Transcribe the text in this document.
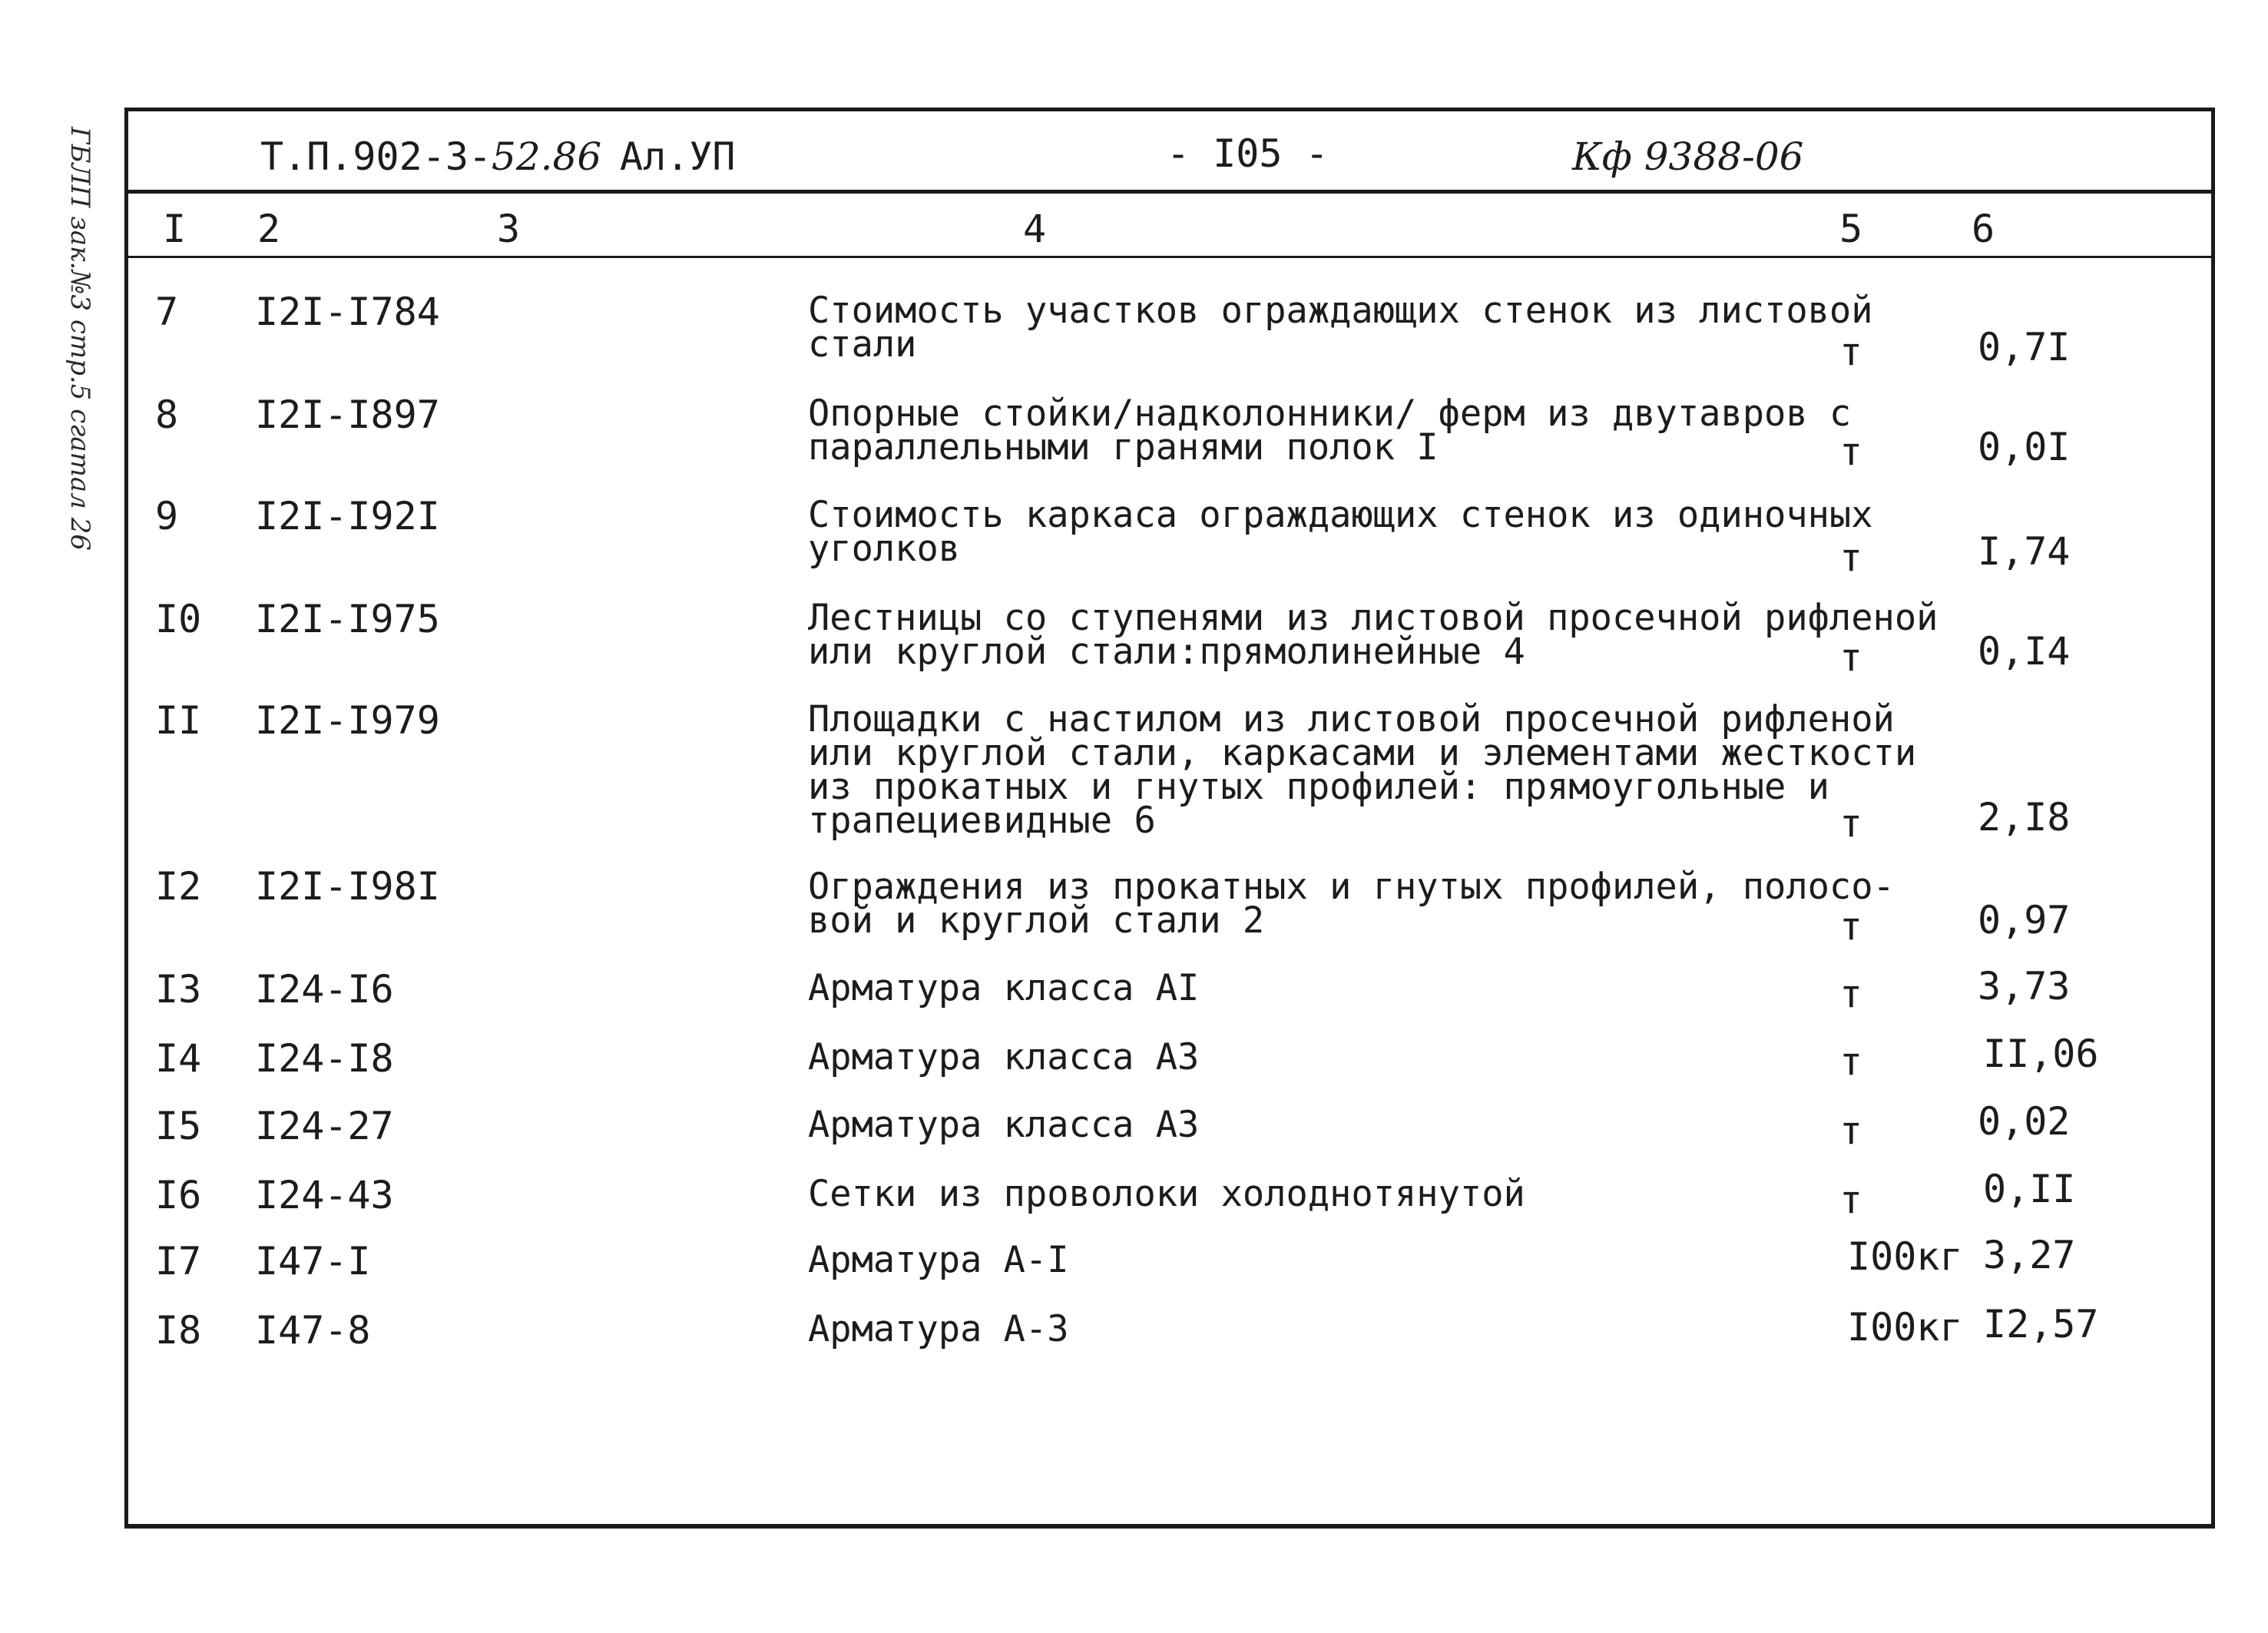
ГБЛП зак.№3 стр.5 сгатал 26	Т.П.902-3-52.86 Ал.УП	- I05 -	Кф 9388-06
I 2	3	4	5	6
7 I2I-I784	Стоимость участков ограждающих стенок из листовой
стали	т	0,7I
8 I2I-I897	Опорные стойки/надколонники/ ферм из двутавров с
параллельными гранями полок I	т	0,0I
9 I2I-I92I	Стоимость каркаса ограждающих стенок из одиночных
уголков	т	I,74
I0 I2I-I975	Лестницы со ступенями из листовой просечной рифленой
или круглой стали:прямолинейные 4	т	0,I4
II I2I-I979	Площадки с настилом из листовой просечной рифленой
или круглой стали, каркасами и элементами жесткости
из прокатных и гнутых профилей: прямоугольные и
трапециевидные 6	т	2,I8
I2 I2I-I98I	Ограждения из прокатных и гнутых профилей, полосо-
вой и круглой стали 2	т	0,97
I3 I24-I6	Арматура класса АI	т	3,73
I4 I24-I8	Арматура класса А3	т	II,06
I5 I24-27	Арматура класса А3	т	0,02
I6 I24-43	Сетки из проволоки холоднотянутой	т	0,II
I7 I47-I	Арматура А-I	I00кг 3,27
I8 I47-8	Арматура А-3	I00кг I2,57
